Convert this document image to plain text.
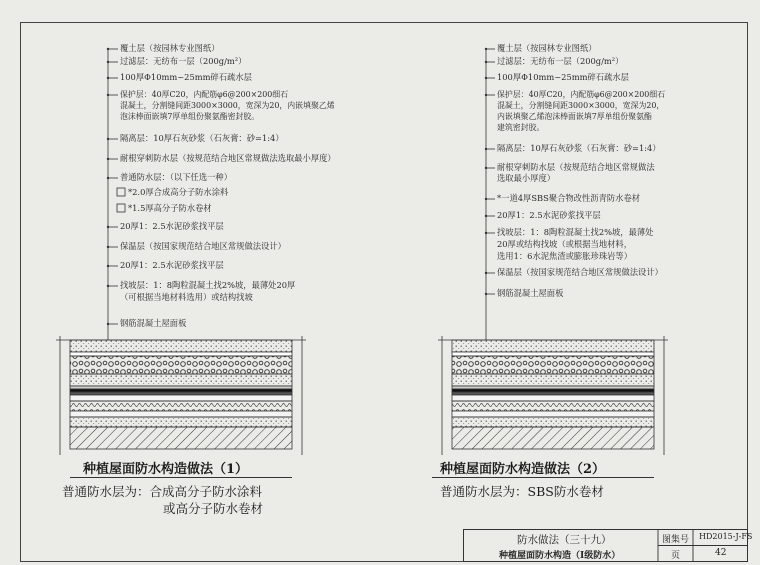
覆土层（按园林专业图纸）
过滤层：无纺布一层（200g/m²）
100厚Φ10mm~25mm碎石疏水层
保护层：40厚C20，内配筋φ6@200×200细石
混凝土，分割缝间距3000×3000，宽深为20，内嵌填聚乙烯
泡沫棒面嵌填7厚单组份聚氨酯密封胶。
隔离层：10厚石灰砂浆（石灰膏：砂=1:4）
耐根穿刺防水层（按规范结合地区常规做法选取最小厚度）
普通防水层：（以下任选一种）
*2.0厚合成高分子防水涂料
*1.5厚高分子防水卷材
20厚1：2.5水泥砂浆找平层
保温层（按国家规范结合地区常规做法设计）
20厚1：2.5水泥砂浆找平层
找坡层：1：8陶粒混凝土找2%坡，最薄处20厚
（可根据当地材料选用）或结构找坡
钢筋混凝土屋面板
覆土层（按园林专业图纸）
过滤层：无纺布一层（200g/m²）
100厚Φ10mm~25mm碎石疏水层
保护层：40厚C20，内配筋φ6@200×200细石
混凝土，分割缝间距3000×3000，宽深为20，
内嵌填聚乙烯泡沫棒面嵌填7厚单组份聚氨酯
建筑密封胶。
隔离层：10厚石灰砂浆（石灰膏：砂=1:4）
耐根穿刺防水层（按规范结合地区常规做法
选取最小厚度）
*一道4厚SBS聚合物改性沥青防水卷材
20厚1：2.5水泥砂浆找平层
找坡层：1：8陶粒混凝土找2%坡，最薄处
20厚或结构找坡（或根据当地材料，
选用1：6水泥焦渣或膨胀珍珠岩等）
保温层（按国家规范结合地区常规做法设计）
钢筋混凝土屋面板
种植屋面防水构造做法（1）
普通防水层为：合成高分子防水涂料
或高分子防水卷材
种植屋面防水构造做法（2）
普通防水层为：SBS防水卷材
防水做法（三十九）
种植屋面防水构造（I级防水）
图集号 HD2015-J-FS
页	42
